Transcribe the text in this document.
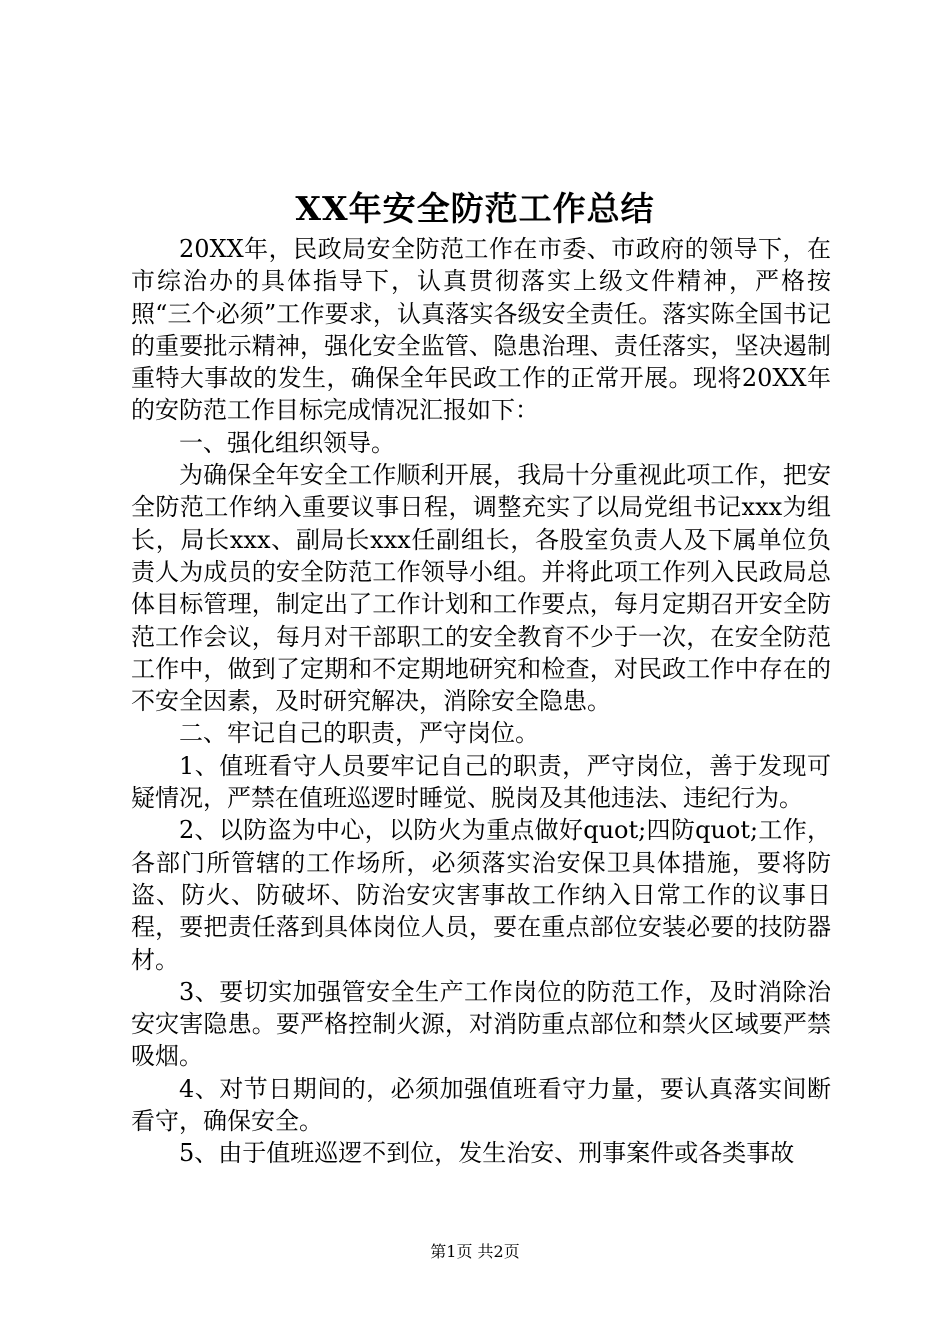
XX年安全防范工作总结

20XX年，民政局安全防范工作在市委、市政府的领导下，在市综治办的具体指导下，认真贯彻落实上级文件精神，严格按照“三个必须”工作要求，认真落实各级安全责任。落实陈全国书记的重要批示精神，强化安全监管、隐患治理、责任落实，坚决遏制重特大事故的发生，确保全年民政工作的正常开展。现将20XX年的安防范工作目标完成情况汇报如下：

一、强化组织领导。

为确保全年安全工作顺利开展，我局十分重视此项工作，把安全防范工作纳入重要议事日程，调整充实了以局党组书记xxx为组长，局长xxx、副局长xxx任副组长，各股室负责人及下属单位负责人为成员的安全防范工作领导小组。并将此项工作列入民政局总体目标管理，制定出了工作计划和工作要点，每月定期召开安全防范工作会议，每月对干部职工的安全教育不少于一次，在安全防范工作中，做到了定期和不定期地研究和检查，对民政工作中存在的不安全因素，及时研究解决，消除安全隐患。

二、牢记自己的职责，严守岗位。

1、值班看守人员要牢记自己的职责，严守岗位，善于发现可疑情况，严禁在值班巡逻时睡觉、脱岗及其他违法、违纪行为。

2、以防盗为中心，以防火为重点做好quot;四防quot;工作，各部门所管辖的工作场所，必须落实治安保卫具体措施，要将防盗、防火、防破坏、防治安灾害事故工作纳入日常工作的议事日程，要把责任落到具体岗位人员，要在重点部位安装必要的技防器材。

3、要切实加强管安全生产工作岗位的防范工作，及时消除治安灾害隐患。要严格控制火源，对消防重点部位和禁火区域要严禁吸烟。

4、对节日期间的，必须加强值班看守力量，要认真落实间断看守，确保安全。

5、由于值班巡逻不到位，发生治安、刑事案件或各类事故

第1页 共2页
